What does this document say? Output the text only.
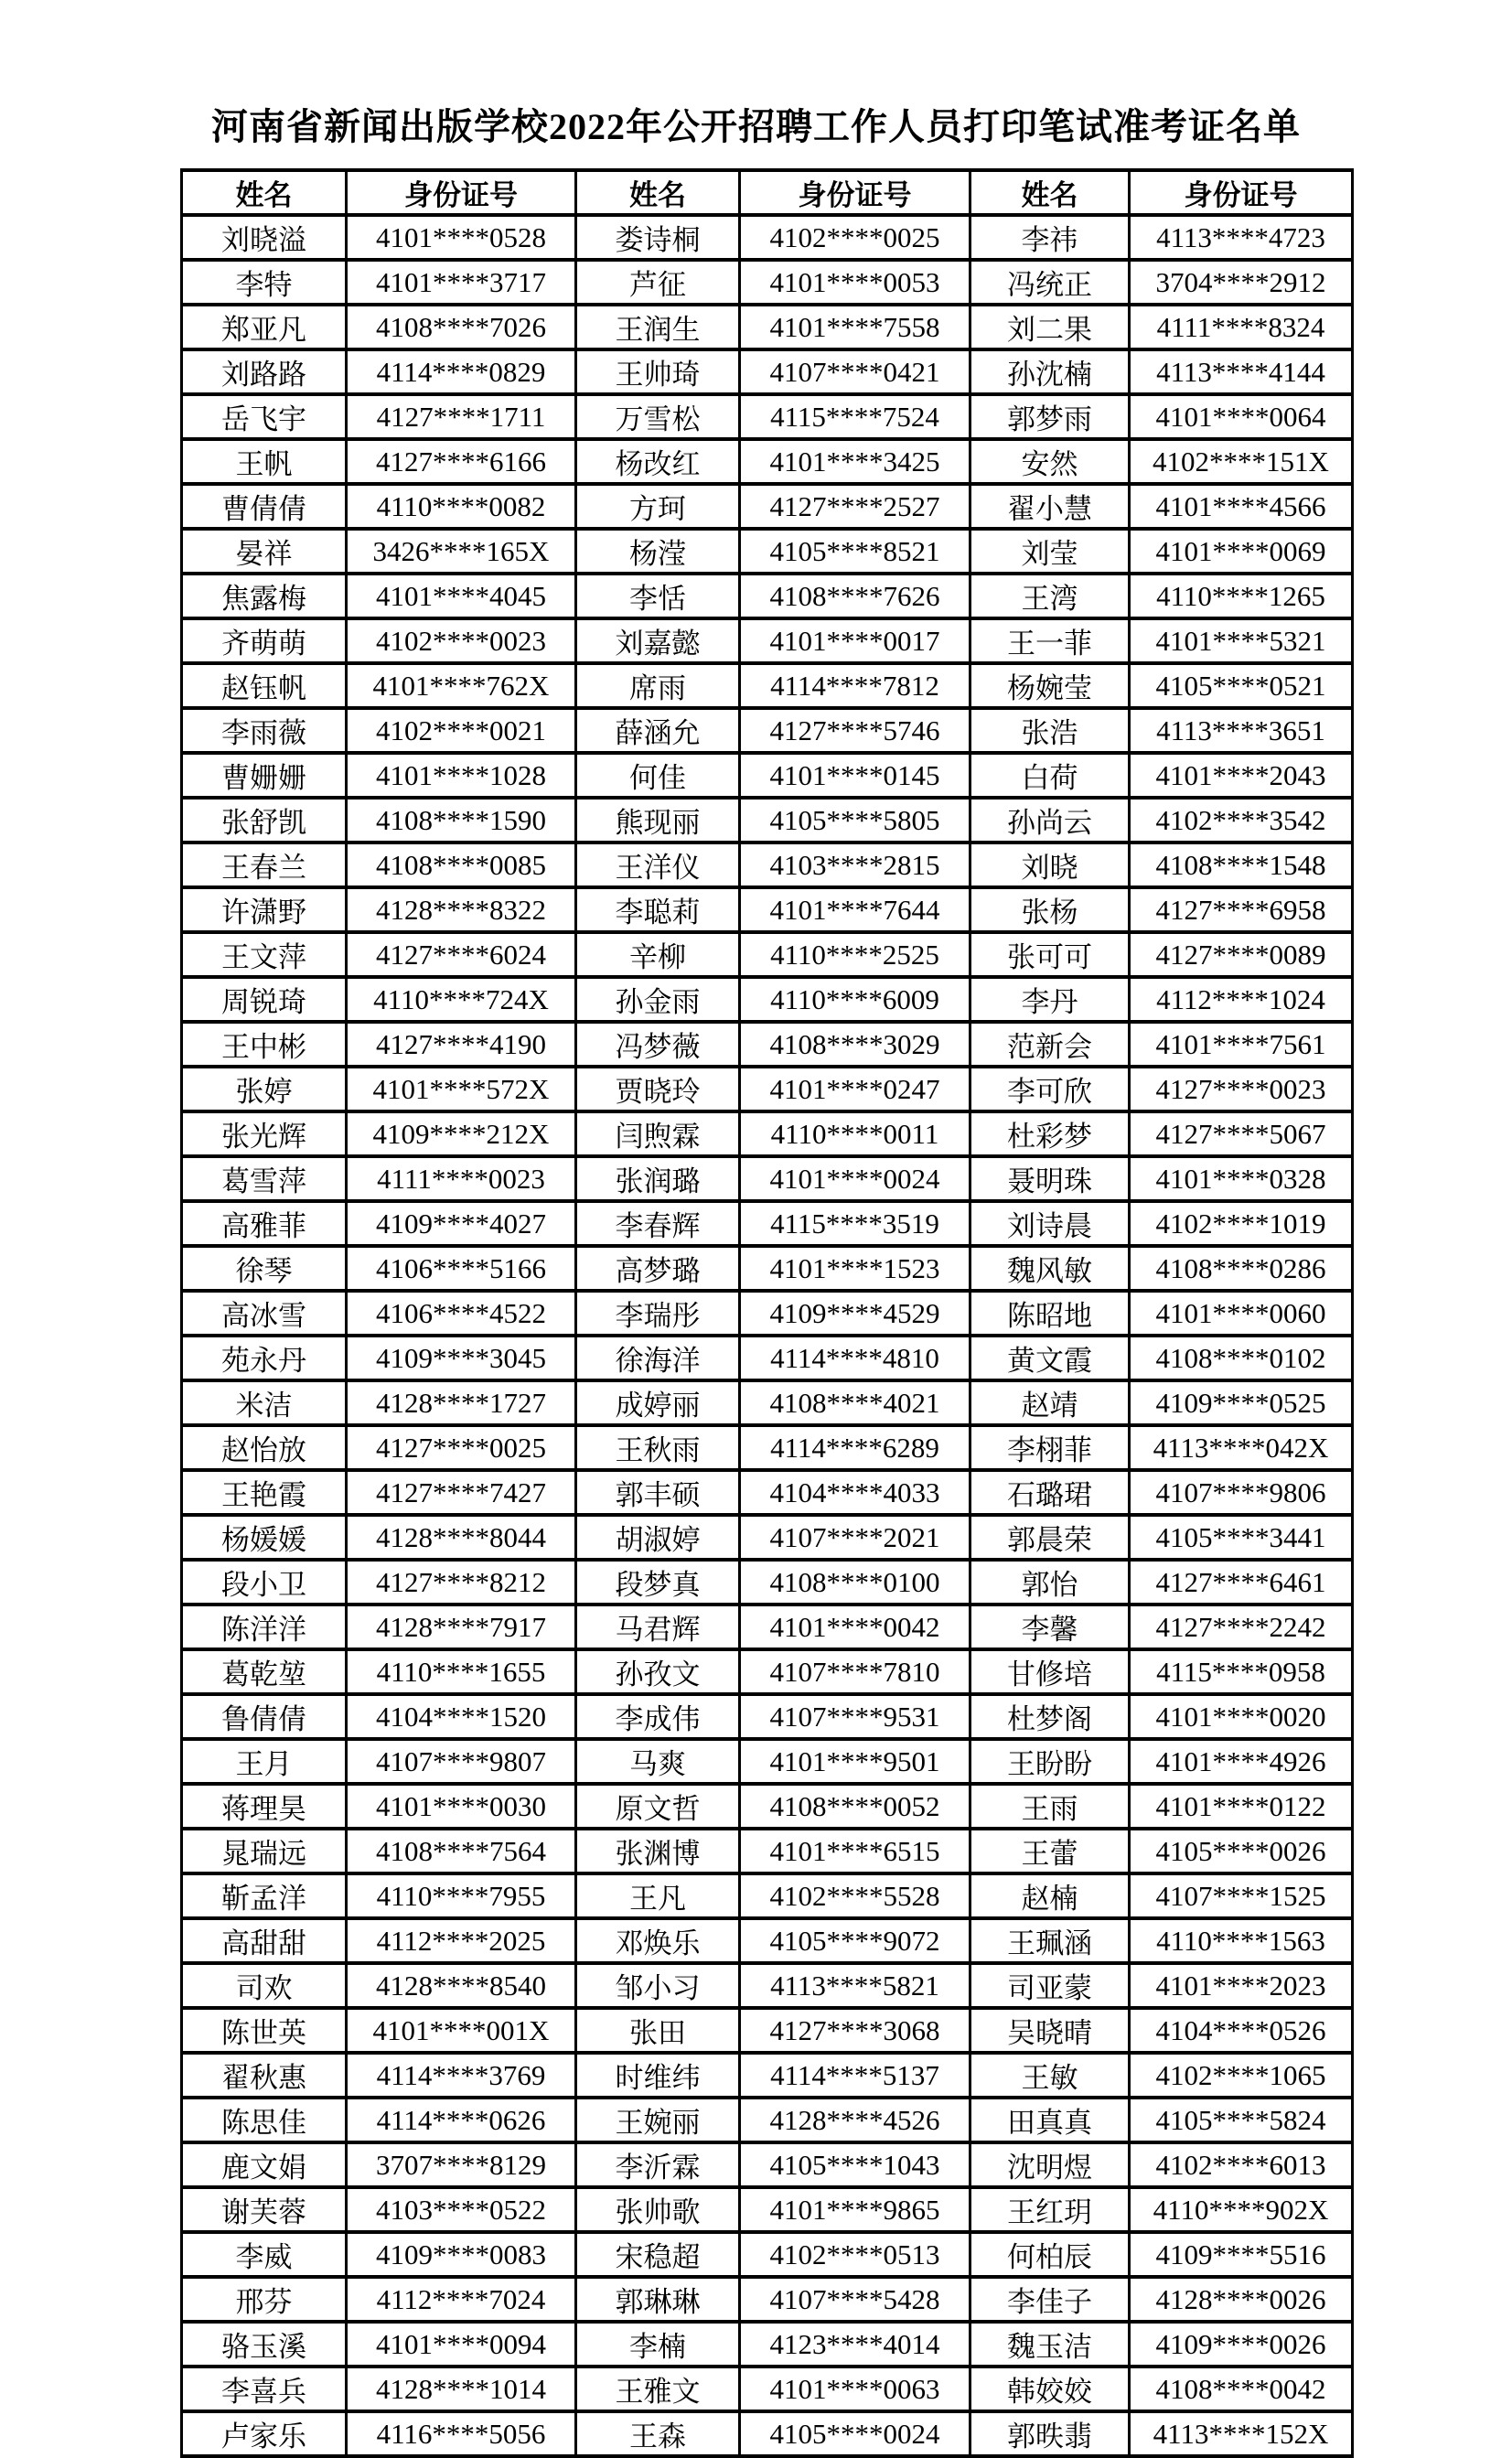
河南省新闻出版学校2022年公开招聘工作人员打印笔试准考证名单
姓名	身份证号	姓名	身份证号	姓名	身份证号
刘晓溢	4101****0528	娄诗桐	4102****0025	李祎	4113****4723
李特	4101****3717	芦征	4101****0053	冯统正	3704****2912
郑亚凡	4108****7026	王润生	4101****7558	刘二果	4111****8324
刘路路	4114****0829	王帅琦	4107****0421	孙沈楠	4113****4144
岳飞宇	4127****1711	万雪松	4115****7524	郭梦雨	4101****0064
王帆	4127****6166	杨改红	4101****3425	安然	4102****151X
曹倩倩	4110****0082	方珂	4127****2527	翟小慧	4101****4566
晏祥	3426****165X	杨滢	4105****8521	刘莹	4101****0069
焦露梅	4101****4045	李恬	4108****7626	王湾	4110****1265
齐萌萌	4102****0023	刘嘉懿	4101****0017	王一菲	4101****5321
赵钰帆	4101****762X	席雨	4114****7812	杨婉莹	4105****0521
李雨薇	4102****0021	薛涵允	4127****5746	张浩	4113****3651
曹姗姗	4101****1028	何佳	4101****0145	白荷	4101****2043
张舒凯	4108****1590	熊现丽	4105****5805	孙尚云	4102****3542
王春兰	4108****0085	王洋仪	4103****2815	刘晓	4108****1548
许潇野	4128****8322	李聪莉	4101****7644	张杨	4127****6958
王文萍	4127****6024	辛柳	4110****2525	张可可	4127****0089
周锐琦	4110****724X	孙金雨	4110****6009	李丹	4112****1024
王中彬	4127****4190	冯梦薇	4108****3029	范新会	4101****7561
张婷	4101****572X	贾晓玲	4101****0247	李可欣	4127****0023
张光辉	4109****212X	闫煦霖	4110****0011	杜彩梦	4127****5067
葛雪萍	4111****0023	张润璐	4101****0024	聂明珠	4101****0328
高雅菲	4109****4027	李春辉	4115****3519	刘诗晨	4102****1019
徐琴	4106****5166	高梦璐	4101****1523	魏风敏	4108****0286
高冰雪	4106****4522	李瑞彤	4109****4529	陈昭地	4101****0060
苑永丹	4109****3045	徐海洋	4114****4810	黄文霞	4108****0102
米洁	4128****1727	成婷丽	4108****4021	赵靖	4109****0525
赵怡放	4127****0025	王秋雨	4114****6289	李栩菲	4113****042X
王艳霞	4127****7427	郭丰硕	4104****4033	石璐珺	4107****9806
杨媛媛	4128****8044	胡淑婷	4107****2021	郭晨荣	4105****3441
段小卫	4127****8212	段梦真	4108****0100	郭怡	4127****6461
陈洋洋	4128****7917	马君辉	4101****0042	李馨	4127****2242
葛乾堃	4110****1655	孙孜文	4107****7810	甘修培	4115****0958
鲁倩倩	4104****1520	李成伟	4107****9531	杜梦阁	4101****0020
王月	4107****9807	马爽	4101****9501	王盼盼	4101****4926
蒋理昊	4101****0030	原文哲	4108****0052	王雨	4101****0122
晁瑞远	4108****7564	张渊博	4101****6515	王蕾	4105****0026
靳孟洋	4110****7955	王凡	4102****5528	赵楠	4107****1525
高甜甜	4112****2025	邓焕乐	4105****9072	王珮涵	4110****1563
司欢	4128****8540	邹小习	4113****5821	司亚蒙	4101****2023
陈世英	4101****001X	张田	4127****3068	吴晓晴	4104****0526
翟秋惠	4114****3769	时维纬	4114****5137	王敏	4102****1065
陈思佳	4114****0626	王婉丽	4128****4526	田真真	4105****5824
鹿文娟	3707****8129	李沂霖	4105****1043	沈明煜	4102****6013
谢芙蓉	4103****0522	张帅歌	4101****9865	王红玥	4110****902X
李威	4109****0083	宋稳超	4102****0513	何柏辰	4109****5516
邢芬	4112****7024	郭琳琳	4107****5428	李佳子	4128****0026
骆玉溪	4101****0094	李楠	4123****4014	魏玉洁	4109****0026
李喜兵	4128****1014	王雅文	4101****0063	韩姣姣	4108****0042
卢家乐	4116****5056	王森	4105****0024	郭昳翡	4113****152X
